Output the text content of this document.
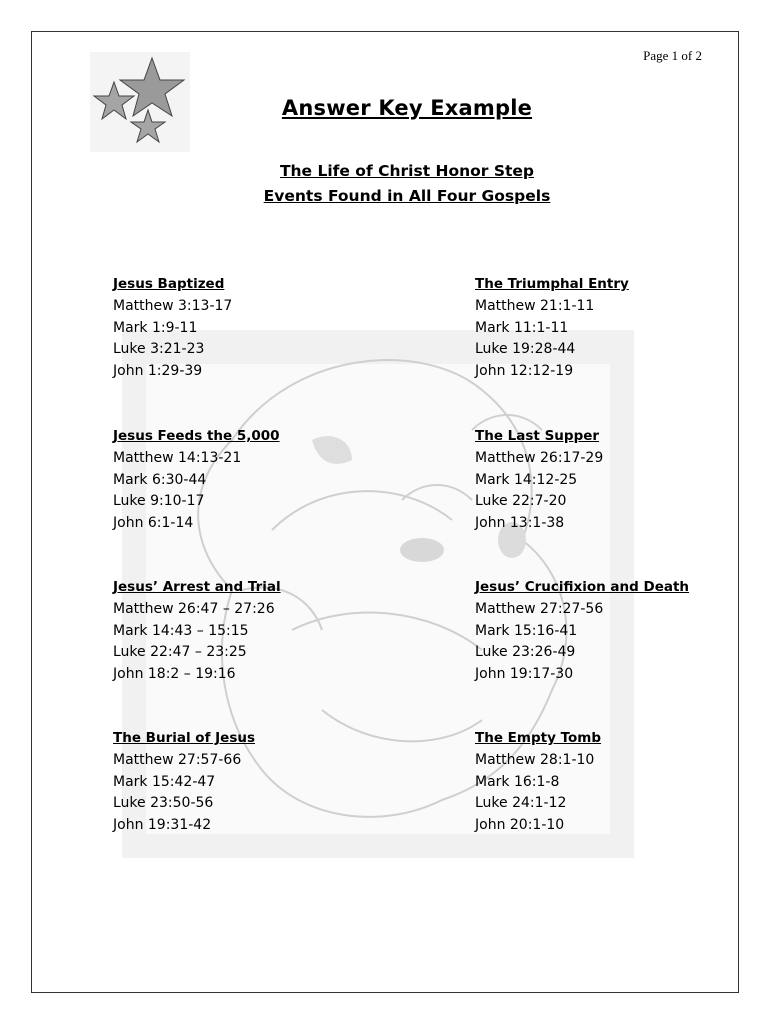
Page 1 of 2
Answer Key Example
The Life of Christ Honor Step
Events Found in All Four Gospels
Jesus Baptized
Matthew 3:13-17
Mark 1:9-11
Luke 3:21-23
John 1:29-39
The Triumphal Entry
Matthew 21:1-11
Mark 11:1-11
Luke 19:28-44
John 12:12-19
Jesus Feeds the 5,000
Matthew 14:13-21
Mark 6:30-44
Luke 9:10-17
John 6:1-14
The Last Supper
Matthew 26:17-29
Mark 14:12-25
Luke 22:7-20
John 13:1-38
Jesus’ Arrest and Trial
Matthew 26:47 – 27:26
Mark 14:43 – 15:15
Luke 22:47 – 23:25
John 18:2 – 19:16
Jesus’ Crucifixion and Death
Matthew 27:27-56
Mark 15:16-41
Luke 23:26-49
John 19:17-30
The Burial of Jesus
Matthew 27:57-66
Mark 15:42-47
Luke 23:50-56
John 19:31-42
The Empty Tomb
Matthew 28:1-10
Mark 16:1-8
Luke 24:1-12
John 20:1-10
